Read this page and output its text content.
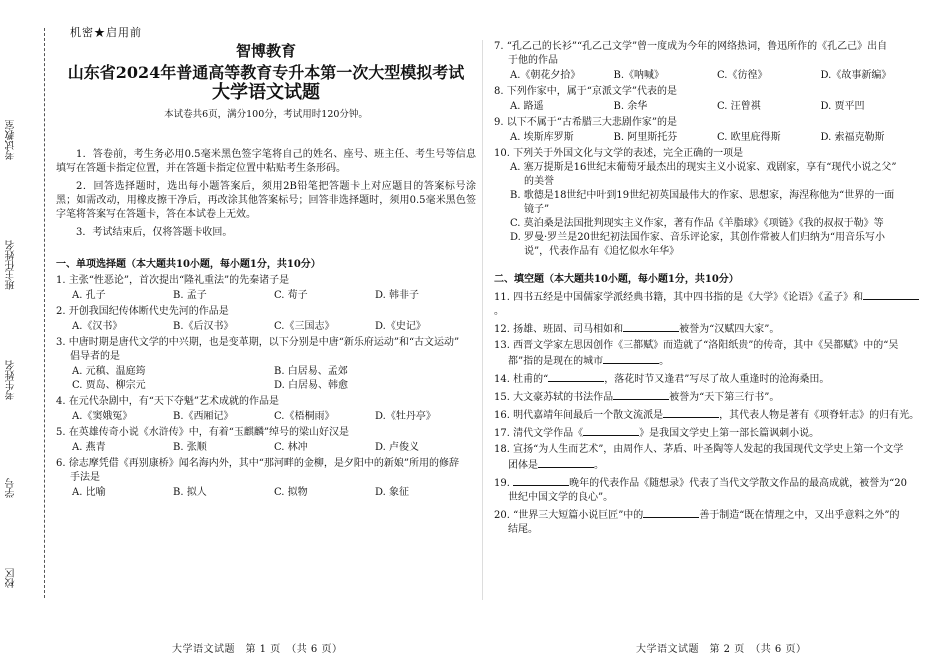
机密★启用前
考试教室
班主任姓名
考生姓名
学号
校区
智博教育
山东省2024年普通高等教育专升本第一次大型模拟考试
大学语文试题
本试卷共6页，满分100分，考试用时120分钟。
1．答卷前，考生务必用0.5毫米黑色签字笔将自己的姓名、座号、班主任、考生号等信息填写在答题卡指定位置，并在答题卡指定位置中粘贴考生条形码。
2．回答选择题时，选出每小题答案后，须用2B铅笔把答题卡上对应题目的答案标号涂黑；如需改动，用橡皮擦干净后，再改涂其他答案标号；回答非选择题时，须用0.5毫米黑色签字笔将答案写在答题卡，答在本试卷上无效。
3．考试结束后，仅将答题卡收回。
一、单项选择题（本大题共10小题，每小题1分，共10分）
1. 主张“性恶论”，首次提出“隆礼重法”的先秦诸子是
A. 孔子	B. 孟子	C. 荀子	D. 韩非子
2. 开创我国纪传体断代史先河的作品是
A.《汉书》	B.《后汉书》	C.《三国志》	D.《史记》
3. 中唐时期是唐代文学的中兴期，也是变革期，以下分别是中唐“新乐府运动”和“古文运动”
倡导者的是
A. 元稹、温庭筠	B. 白居易、孟郊
C. 贾岛、柳宗元	D. 白居易、韩愈
4. 在元代杂剧中，有“天下夺魁”艺术成就的作品是
A.《窦娥冤》	B.《西厢记》	C.《梧桐雨》	D.《牡丹亭》
5. 在英雄传奇小说《水浒传》中，有着“玉麒麟”绰号的梁山好汉是
A. 燕青	B. 张顺	C. 林冲	D. 卢俊义
6. 徐志摩凭借《再别康桥》闻名海内外，其中“那河畔的金柳，是夕阳中的新娘”所用的修辞
手法是
A. 比喻	B. 拟人	C. 拟物	D. 象征
7. “孔乙己的长衫”“孔乙己文学”曾一度成为今年的网络热词，鲁迅所作的《孔乙己》出自
于他的作品
A.《朝花夕拾》	B.《呐喊》	C.《彷徨》	D.《故事新编》
8. 下列作家中，属于“京派文学”代表的是
A. 路遥	B. 余华	C. 汪曾祺	D. 贾平凹
9. 以下不属于“古希腊三大悲剧作家”的是
A. 埃斯库罗斯	B. 阿里斯托芬	C. 欧里庇得斯	D. 索福克勒斯
10. 下列关于外国文化与文学的表述，完全正确的一项是
A. 塞万提斯是16世纪末葡萄牙最杰出的现实主义小说家、戏剧家，享有“现代小说之父”
的美誉
B. 歌德是18世纪中叶到19世纪初英国最伟大的作家、思想家，海涅称他为“世界的一面
镜子”
C. 莫泊桑是法国批判现实主义作家，著有作品《羊脂球》《项链》《我的叔叔于勒》等
D. 罗曼·罗兰是20世纪初法国作家、音乐评论家，其创作常被人们归纳为“用音乐写小
说”，代表作品有《追忆似水年华》
二、填空题（本大题共10小题，每小题1分，共10分）
11. 四书五经是中国儒家学派经典书籍，其中四书指的是《大学》《论语》《孟子》和。
12. 扬雄、班固、司马相如和	被誉为“汉赋四大家”。
13. 西晋文学家左思因创作《三都赋》而造就了“洛阳纸贵”的传奇，其中《吴都赋》中的“吴
都”指的是现在的城市	。
14. 杜甫的“	，落花时节又逢君”写尽了故人重逢时的沧海桑田。
15. 大文豪苏轼的书法作品	被誉为“天下第三行书”。
16. 明代嘉靖年间最后一个散文流派是	，其代表人物是著有《项脊轩志》的归有光。
17. 清代文学作品《	》是我国文学史上第一部长篇讽刺小说。
18. 宣扬“为人生而艺术”，由周作人、茅盾、叶圣陶等人发起的我国现代文学史上第一个文学
团体是	。
19.	晚年的代表作品《随想录》代表了当代文学散文作品的最高成就，被誉为“20
世纪中国文学的良心”。
20. “世界三大短篇小说巨匠”中的	善于制造“既在情理之中，又出乎意料之外”的
结尾。
大学语文试题　第 1 页　（共 6 页）	大学语文试题　第 2 页　（共 6 页）
